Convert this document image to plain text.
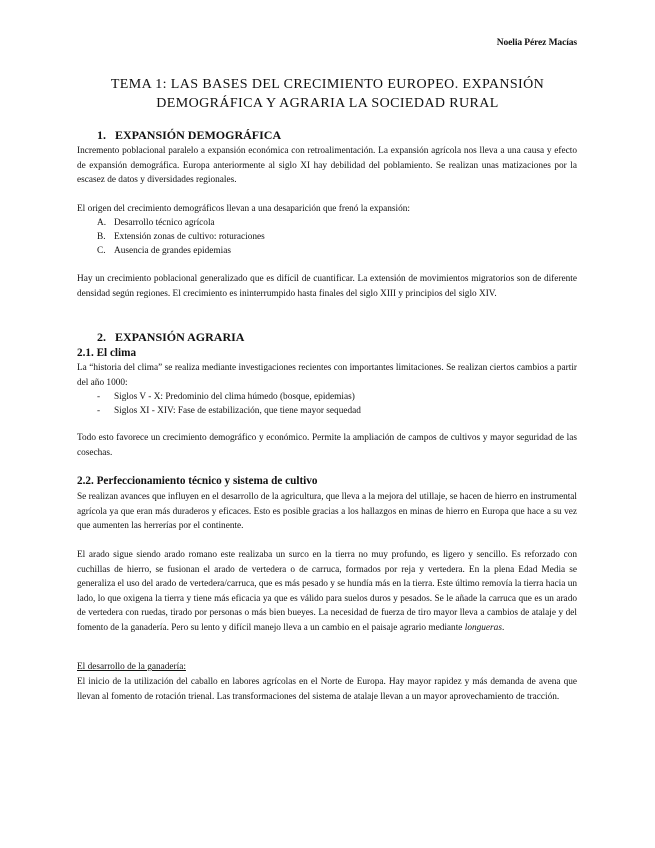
Noelia Pérez Macías
TEMA 1: LAS BASES DEL CRECIMIENTO EUROPEO. EXPANSIÓN
DEMOGRÁFICA Y AGRARIA LA SOCIEDAD RURAL
1. EXPANSIÓN DEMOGRÁFICA
Incremento poblacional paralelo a expansión económica con retroalimentación. La expansión agrícola nos lleva a una causa y efecto de expansión demográfica. Europa anteriormente al siglo XI hay debilidad del poblamiento. Se realizan unas matizaciones por la escasez de datos y diversidades regionales.
El origen del crecimiento demográficos llevan a una desaparición que frenó la expansión:
A. Desarrollo técnico agrícola
B. Extensión zonas de cultivo: roturaciones
C. Ausencia de grandes epidemias
Hay un crecimiento poblacional generalizado que es difícil de cuantificar. La extensión de movimientos migratorios son de diferente densidad según regiones. El crecimiento es ininterrumpido hasta finales del siglo XIII y principios del siglo XIV.
2. EXPANSIÓN AGRARIA
2.1. El clima
La “historia del clima” se realiza mediante investigaciones recientes con importantes limitaciones. Se realizan ciertos cambios a partir del año 1000:
- Siglos V - X: Predominio del clima húmedo (bosque, epidemias)
- Siglos XI - XIV: Fase de estabilización, que tiene mayor sequedad
Todo esto favorece un crecimiento demográfico y económico. Permite la ampliación de campos de cultivos y mayor seguridad de las cosechas.
2.2. Perfeccionamiento técnico y sistema de cultivo
Se realizan avances que influyen en el desarrollo de la agricultura, que lleva a la mejora del utillaje, se hacen de hierro en instrumental agrícola ya que eran más duraderos y eficaces. Esto es posible gracias a los hallazgos en minas de hierro en Europa que hace a su vez que aumenten las herrerías por el continente.
El arado sigue siendo arado romano este realizaba un surco en la tierra no muy profundo, es ligero y sencillo. Es reforzado con cuchillas de hierro, se fusionan el arado de vertedera o de carruca, formados por reja y vertedera. En la plena Edad Media se generaliza el uso del arado de vertedera/carruca, que es más pesado y se hundía más en la tierra. Este último removía la tierra hacia un lado, lo que oxigena la tierra y tiene más eficacia ya que es válido para suelos duros y pesados. Se le añade la carruca que es un arado de vertedera con ruedas, tirado por personas o más bien bueyes. La necesidad de fuerza de tiro mayor lleva a cambios de atalaje y del fomento de la ganadería. Pero su lento y difícil manejo lleva a un cambio en el paisaje agrario mediante longueras.
El desarrollo de la ganadería:
El inicio de la utilización del caballo en labores agrícolas en el Norte de Europa. Hay mayor rapidez y más demanda de avena que llevan al fomento de rotación trienal. Las transformaciones del sistema de atalaje llevan a un mayor aprovechamiento de tracción.
